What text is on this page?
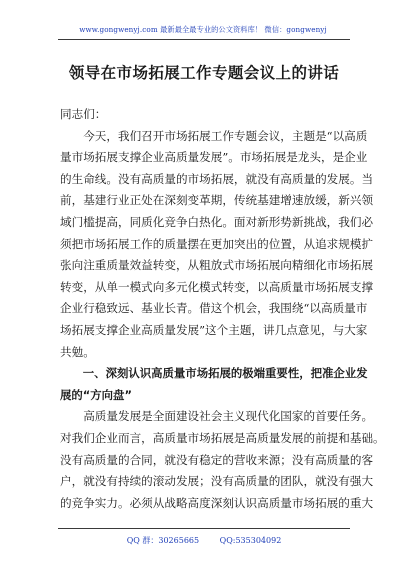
www.gongwenyj.com 最新最全最专业的公文资料库！ 微信：gongwenyj
领导在市场拓展工作专题会议上的讲话
同志们：
　　今天，我们召开市场拓展工作专题会议，主题是“以高质
量市场拓展支撑企业高质量发展”。市场拓展是龙头，是企业
的生命线。没有高质量的市场拓展，就没有高质量的发展。当
前，基建行业正处在深刻变革期，传统基建增速放缓，新兴领
域门槛提高，同质化竞争白热化。面对新形势新挑战，我们必
须把市场拓展工作的质量摆在更加突出的位置，从追求规模扩
张向注重质量效益转变，从粗放式市场拓展向精细化市场拓展
转变，从单一模式向多元化模式转变，以高质量市场拓展支撑
企业行稳致远、基业长青。借这个机会，我围绕“以高质量市
场拓展支撑企业高质量发展”这个主题，讲几点意见，与大家
共勉。
　　一、深刻认识高质量市场拓展的极端重要性，把准企业发
展的“方向盘”
　　高质量发展是全面建设社会主义现代化国家的首要任务。
对我们企业而言，高质量市场拓展是高质量发展的前提和基础。
没有高质量的合同，就没有稳定的营收来源；没有高质量的客
户，就没有持续的滚动发展；没有高质量的团队，就没有强大
的竞争实力。必须从战略高度深刻认识高质量市场拓展的重大
QQ 群：30265665	QQ:535304092
